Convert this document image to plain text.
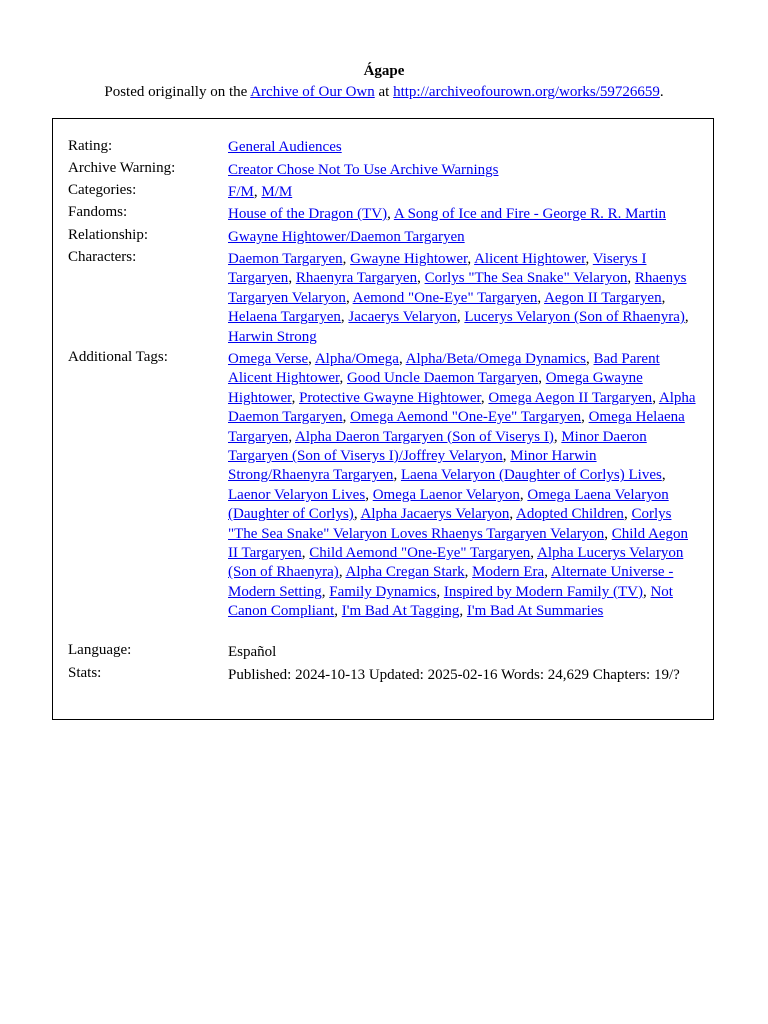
Ágape
Posted originally on the Archive of Our Own at http://archiveofourown.org/works/59726659.
Rating:	General Audiences
Archive Warning:	Creator Chose Not To Use Archive Warnings
Categories:	F/M, M/M
Fandoms:	House of the Dragon (TV), A Song of Ice and Fire - George R. R. Martin
Relationship:	Gwayne Hightower/Daemon Targaryen
Characters:	Daemon Targaryen, Gwayne Hightower, Alicent Hightower, Viserys I Targaryen, Rhaenyra Targaryen, Corlys "The Sea Snake" Velaryon, Rhaenys Targaryen Velaryon, Aemond "One-Eye" Targaryen, Aegon II Targaryen, Helaena Targaryen, Jacaerys Velaryon, Lucerys Velaryon (Son of Rhaenyra), Harwin Strong
Additional Tags:	Omega Verse, Alpha/Omega, Alpha/Beta/Omega Dynamics, Bad Parent Alicent Hightower, Good Uncle Daemon Targaryen, Omega Gwayne Hightower, Protective Gwayne Hightower, Omega Aegon II Targaryen, Alpha Daemon Targaryen, Omega Aemond "One-Eye" Targaryen, Omega Helaena Targaryen, Alpha Daeron Targaryen (Son of Viserys I), Minor Daeron Targaryen (Son of Viserys I)/Joffrey Velaryon, Minor Harwin Strong/Rhaenyra Targaryen, Laena Velaryon (Daughter of Corlys) Lives, Laenor Velaryon Lives, Omega Laenor Velaryon, Omega Laena Velaryon (Daughter of Corlys), Alpha Jacaerys Velaryon, Adopted Children, Corlys "The Sea Snake" Velaryon Loves Rhaenys Targaryen Velaryon, Child Aegon II Targaryen, Child Aemond "One-Eye" Targaryen, Alpha Lucerys Velaryon (Son of Rhaenyra), Alpha Cregan Stark, Modern Era, Alternate Universe - Modern Setting, Family Dynamics, Inspired by Modern Family (TV), Not Canon Compliant, I'm Bad At Tagging, I'm Bad At Summaries
Language:	Español
Stats:	Published: 2024-10-13 Updated: 2025-02-16 Words: 24,629 Chapters: 19/?
